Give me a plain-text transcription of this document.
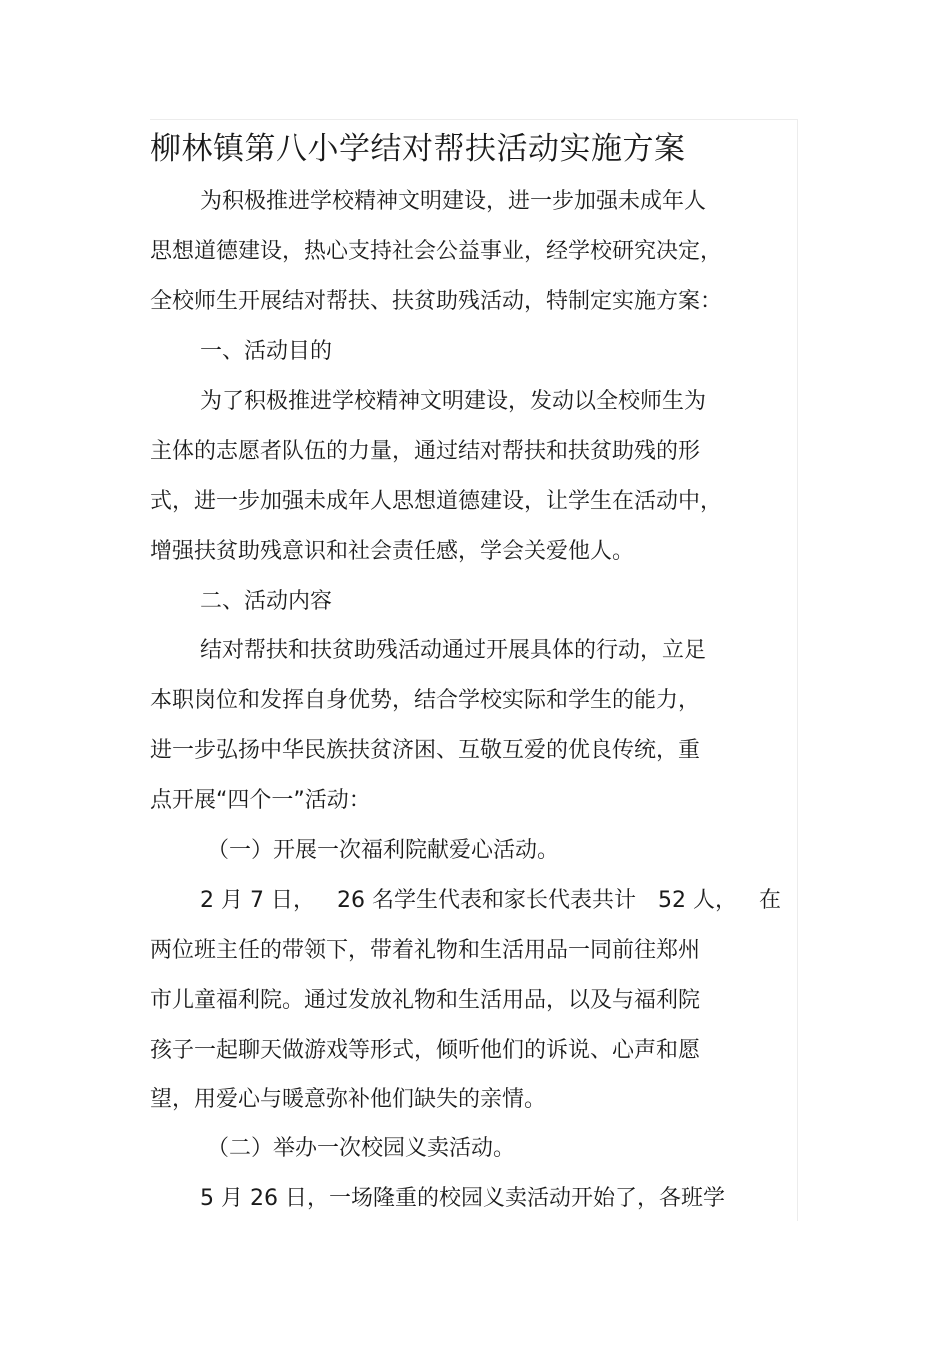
柳林镇第八小学结对帮扶活动实施方案

为积极推进学校精神文明建设，进一步加强未成年人

思想道德建设，热心支持社会公益事业，经学校研究决定，

全校师生开展结对帮扶、扶贫助残活动，特制定实施方案：

一、活动目的

为了积极推进学校精神文明建设，发动以全校师生为

主体的志愿者队伍的力量，通过结对帮扶和扶贫助残的形

式，进一步加强未成年人思想道德建设，让学生在活动中，

增强扶贫助残意识和社会责任感，学会关爱他人。

二、活动内容

结对帮扶和扶贫助残活动通过开展具体的行动，立足

本职岗位和发挥自身优势，结合学校实际和学生的能力，

进一步弘扬中华民族扶贫济困、互敬互爱的优良传统，重

点开展“四个一”活动：

（一）开展一次福利院献爱心活动。

2 月 7 日， 26 名学生代表和家长代表共计 52 人， 在

两位班主任的带领下，带着礼物和生活用品一同前往郑州

市儿童福利院。通过发放礼物和生活用品，以及与福利院

孩子一起聊天做游戏等形式，倾听他们的诉说、心声和愿

望，用爱心与暖意弥补他们缺失的亲情。

（二）举办一次校园义卖活动。

5 月 26 日，一场隆重的校园义卖活动开始了，各班学
